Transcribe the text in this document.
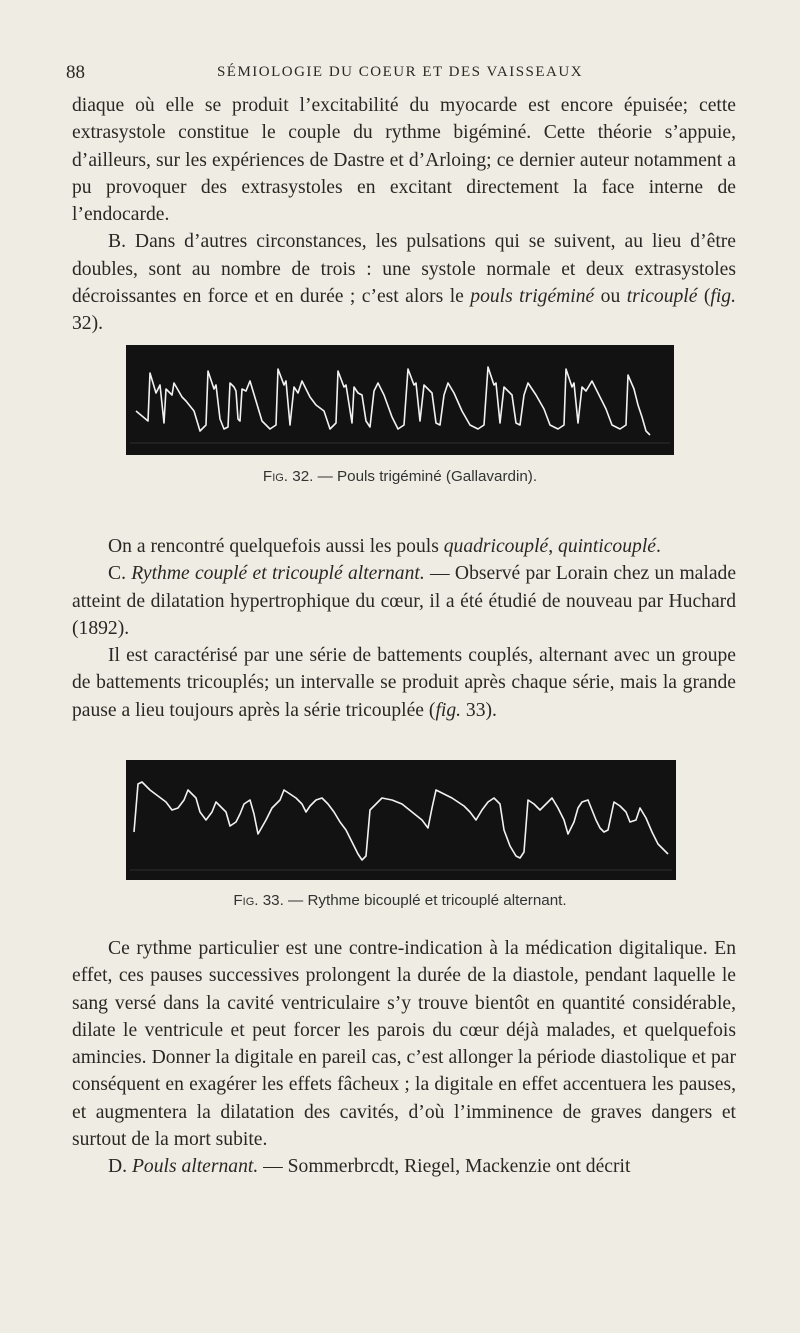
88	SÉMIOLOGIE DU COEUR ET DES VAISSEAUX

diaque où elle se produit l’excitabilité du myocarde est encore épuisée; cette extrasystole constitue le couple du rythme bigéminé. Cette théorie s’appuie, d’ailleurs, sur les expériences de Dastre et d’Arloing; ce dernier auteur notamment a pu provoquer des extrasystoles en excitant directement la face interne de l’endocarde.

B. Dans d’autres circonstances, les pulsations qui se suivent, au lieu d’être doubles, sont au nombre de trois : une systole normale et deux extrasystoles décroissantes en force et en durée ; c’est alors le pouls trigéminé ou tricouplé (fig. 32).

Fig. 32. — Pouls trigéminé (Gallavardin).

On a rencontré quelquefois aussi les pouls quadricouplé, quinticouplé.

C. Rythme couplé et tricouplé alternant. — Observé par Lorain chez un malade atteint de dilatation hypertrophique du cœur, il a été étudié de nouveau par Huchard (1892).

Il est caractérisé par une série de battements couplés, alternant avec un groupe de battements tricouplés; un intervalle se produit après chaque série, mais la grande pause a lieu toujours après la série tricouplée (fig. 33).

Fig. 33. — Rythme bicouplé et tricouplé alternant.

Ce rythme particulier est une contre-indication à la médication digitalique. En effet, ces pauses successives prolongent la durée de la diastole, pendant laquelle le sang versé dans la cavité ventriculaire s’y trouve bientôt en quantité considérable, dilate le ventricule et peut forcer les parois du cœur déjà malades, et quelquefois amincies. Donner la digitale en pareil cas, c’est allonger la période diastolique et par conséquent en exagérer les effets fâcheux ; la digitale en effet accentuera les pauses, et augmentera la dilatation des cavités, d’où l’imminence de graves dangers et surtout de la mort subite.

D. Pouls alternant. — Sommerbrcdt, Riegel, Mackenzie ont décrit
